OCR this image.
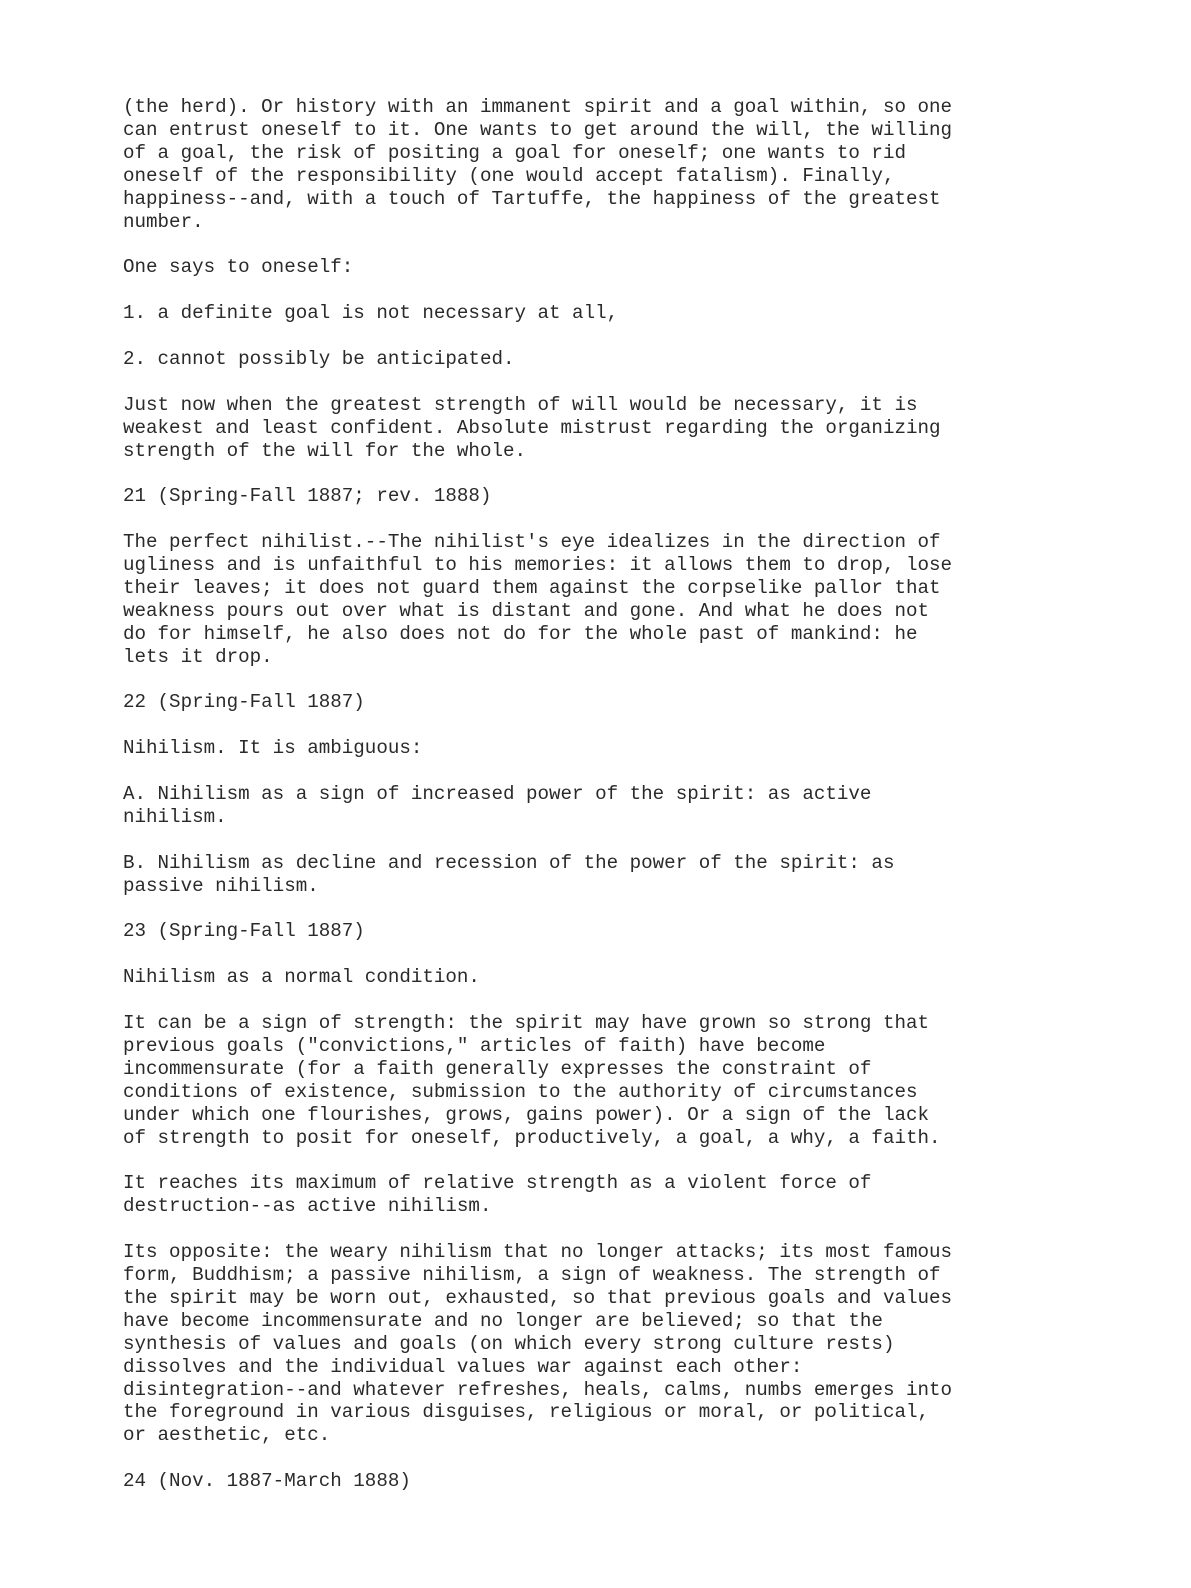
(the herd). Or history with an immanent spirit and a goal within, so one
can entrust oneself to it. One wants to get around the will, the willing
of a goal, the risk of positing a goal for oneself; one wants to rid
oneself of the responsibility (one would accept fatalism). Finally,
happiness--and, with a touch of Tartuffe, the happiness of the greatest
number.

One says to oneself:

1. a definite goal is not necessary at all,

2. cannot possibly be anticipated.

Just now when the greatest strength of will would be necessary, it is
weakest and least confident. Absolute mistrust regarding the organizing
strength of the will for the whole.

21 (Spring-Fall 1887; rev. 1888)

The perfect nihilist.--The nihilist's eye idealizes in the direction of
ugliness and is unfaithful to his memories: it allows them to drop, lose
their leaves; it does not guard them against the corpselike pallor that
weakness pours out over what is distant and gone. And what he does not
do for himself, he also does not do for the whole past of mankind: he
lets it drop.

22 (Spring-Fall 1887)

Nihilism. It is ambiguous:

A. Nihilism as a sign of increased power of the spirit: as active
nihilism.

B. Nihilism as decline and recession of the power of the spirit: as
passive nihilism.

23 (Spring-Fall 1887)

Nihilism as a normal condition.

It can be a sign of strength: the spirit may have grown so strong that
previous goals ("convictions," articles of faith) have become
incommensurate (for a faith generally expresses the constraint of
conditions of existence, submission to the authority of circumstances
under which one flourishes, grows, gains power). Or a sign of the lack
of strength to posit for oneself, productively, a goal, a why, a faith.

It reaches its maximum of relative strength as a violent force of
destruction--as active nihilism.

Its opposite: the weary nihilism that no longer attacks; its most famous
form, Buddhism; a passive nihilism, a sign of weakness. The strength of
the spirit may be worn out, exhausted, so that previous goals and values
have become incommensurate and no longer are believed; so that the
synthesis of values and goals (on which every strong culture rests)
dissolves and the individual values war against each other:
disintegration--and whatever refreshes, heals, calms, numbs emerges into
the foreground in various disguises, religious or moral, or political,
or aesthetic, etc.

24 (Nov. 1887-March 1888)
